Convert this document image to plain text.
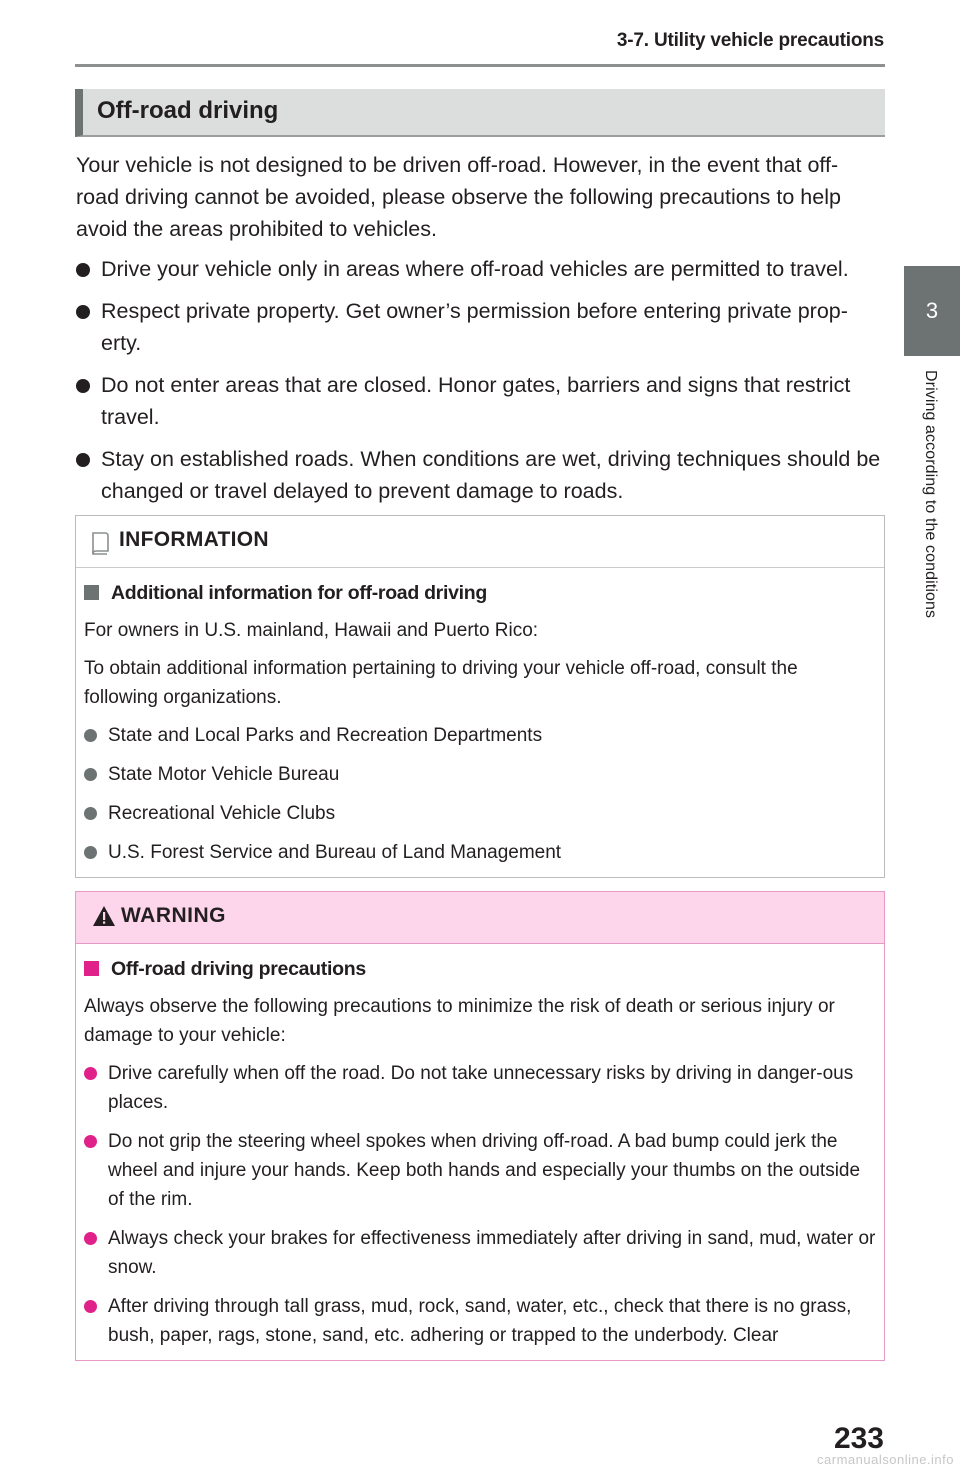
3-7. Utility vehicle precautions
3
Driving according to the conditions
Off-road driving

Your vehicle is not designed to be driven off-road. However, in the event that off-road driving cannot be avoided, please observe the following precautions to help avoid the areas prohibited to vehicles.

Drive your vehicle only in areas where off-road vehicles are permitted to travel.
Respect private property. Get owner’s permission before entering private prop-erty.
Do not enter areas that are closed. Honor gates, barriers and signs that restrict travel.
Stay on established roads. When conditions are wet, driving techniques should be changed or travel delayed to prevent damage to roads.
INFORMATION
Additional information for off-road driving

For owners in U.S. mainland, Hawaii and Puerto Rico:

To obtain additional information pertaining to driving your vehicle off-road, consult the following organizations.

State and Local Parks and Recreation Departments
State Motor Vehicle Bureau
Recreational Vehicle Clubs
U.S. Forest Service and Bureau of Land Management
WARNING
Off-road driving precautions

Always observe the following precautions to minimize the risk of death or serious injury or damage to your vehicle:

Drive carefully when off the road. Do not take unnecessary risks by driving in danger-ous places.
Do not grip the steering wheel spokes when driving off-road. A bad bump could jerk the wheel and injure your hands. Keep both hands and especially your thumbs on the outside of the rim.
Always check your brakes for effectiveness immediately after driving in sand, mud, water or snow.
After driving through tall grass, mud, rock, sand, water, etc., check that there is no grass, bush, paper, rags, stone, sand, etc. adhering or trapped to the underbody. Clear
233
carmanualsonline.info
